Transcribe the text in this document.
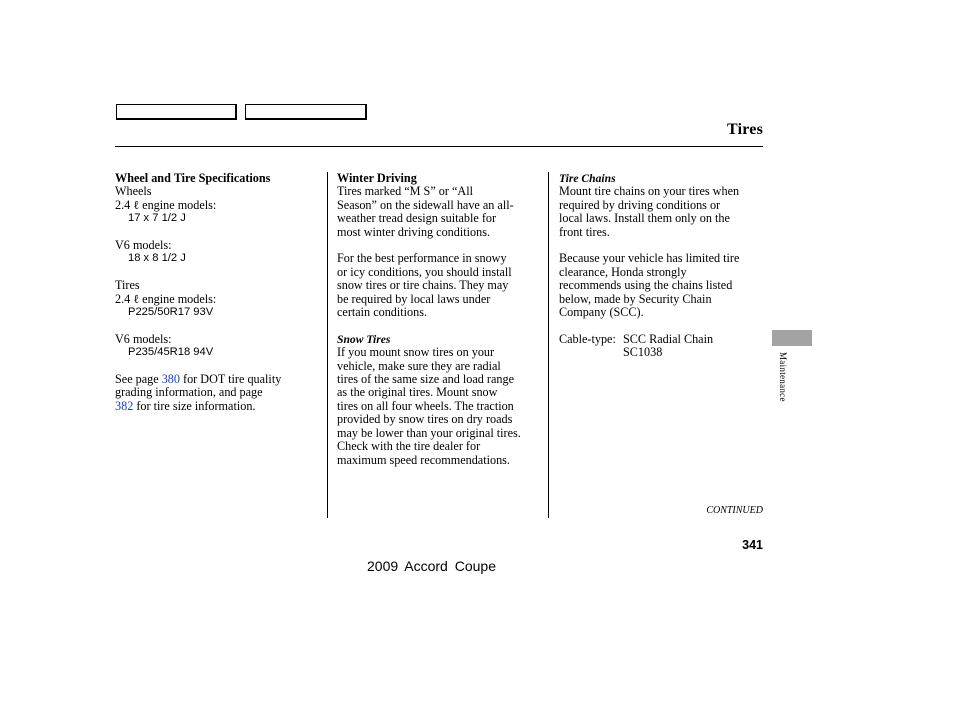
Tires

Wheel and Tire Specifications

Wheels

2.4 ℓ engine models:

17 x 7 1/2 J

V6 models:

18 x 8 1/2 J

Tires

2.4 ℓ engine models:

P225/50R17 93V

V6 models:

P235/45R18 94V

See page 380 for DOT tire quality

grading information, and page

382 for tire size information.

Winter Driving

Tires marked “M S” or “All

Season” on the sidewall have an all-

weather tread design suitable for

most winter driving conditions.

For the best performance in snowy

or icy conditions, you should install

snow tires or tire chains. They may

be required by local laws under

certain conditions.

Snow Tires

If you mount snow tires on your

vehicle, make sure they are radial

tires of the same size and load range

as the original tires. Mount snow

tires on all four wheels. The traction

provided by snow tires on dry roads

may be lower than your original tires.

Check with the tire dealer for

maximum speed recommendations.

Tire Chains

Mount tire chains on your tires when

required by driving conditions or

local laws. Install them only on the

front tires.

Because your vehicle has limited tire

clearance, Honda strongly

recommends using the chains listed

below, made by Security Chain

Company (SCC).

Cable-type: SCC Radial Chain
SC1038	Maintenance
CONTINUED
341
2009 Accord Coupe
